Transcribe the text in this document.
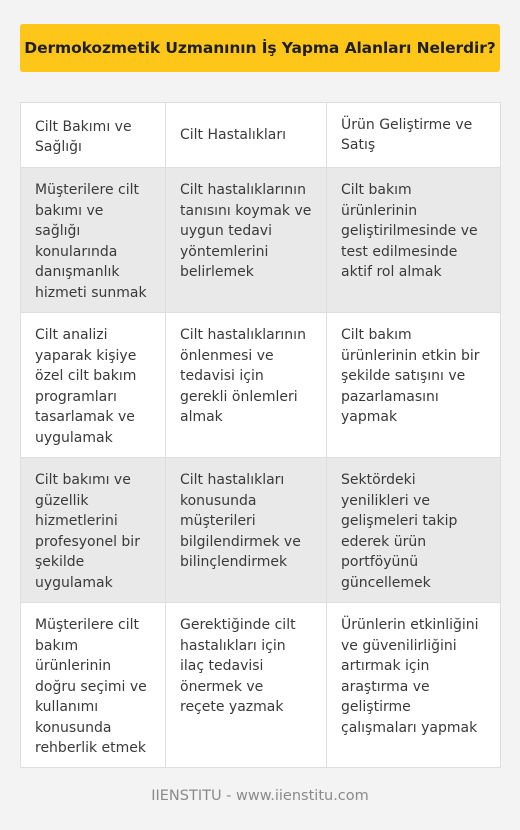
Dermokozmetik Uzmanının İş Yapma Alanları Nelerdir?
Cilt Bakımı ve Sağlığı	Cilt Hastalıkları	Ürün Geliştirme ve Satış
Müşterilere cilt bakımı ve sağlığı konularında danışmanlık hizmeti sunmak	Cilt hastalıklarının tanısını koymak ve uygun tedavi yöntemlerini belirlemek	Cilt bakım ürünlerinin geliştirilmesinde ve test edilmesinde aktif rol almak
Cilt analizi yaparak kişiye özel cilt bakım programları tasarlamak ve uygulamak	Cilt hastalıklarının önlenmesi ve tedavisi için gerekli önlemleri almak	Cilt bakım ürünlerinin etkin bir şekilde satışını ve pazarlamasını yapmak
Cilt bakımı ve güzellik hizmetlerini profesyonel bir şekilde uygulamak	Cilt hastalıkları konusunda müşterileri bilgilendirmek ve bilinçlendirmek	Sektördeki yenilikleri ve gelişmeleri takip ederek ürün portföyünü güncellemek
Müşterilere cilt bakım ürünlerinin doğru seçimi ve kullanımı konusunda rehberlik etmek	Gerektiğinde cilt hastalıkları için ilaç tedavisi önermek ve reçete yazmak	Ürünlerin etkinliğini ve güvenilirliğini artırmak için araştırma ve geliştirme çalışmaları yapmak
IIENSTITU - www.iienstitu.com
